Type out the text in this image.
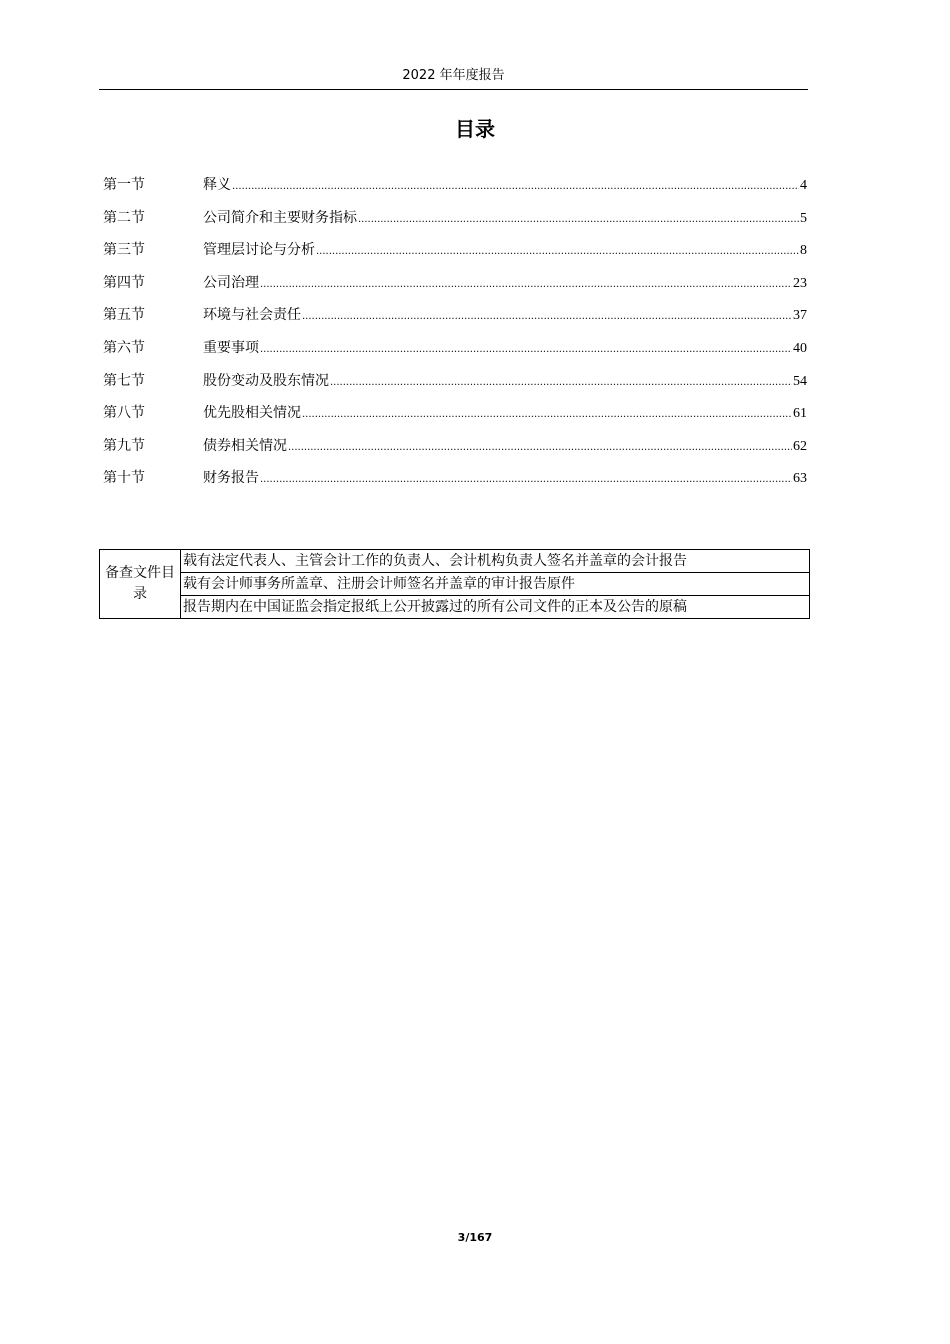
2022 年年度报告
目录
第一节	释义 .....	4
第二节	公司简介和主要财务指标 .....	5
第三节	管理层讨论与分析 .....	8
第四节	公司治理 .....	23
第五节	环境与社会责任 .....	37
第六节	重要事项 .....	40
第七节	股份变动及股东情况 .....	54
第八节	优先股相关情况 .....	61
第九节	债券相关情况 .....	62
第十节	财务报告 .....	63
备查文件目录	载有法定代表人、主管会计工作的负责人、会计机构负责人签名并盖章的会计报告
载有会计师事务所盖章、注册会计师签名并盖章的审计报告原件
报告期内在中国证监会指定报纸上公开披露过的所有公司文件的正本及公告的原稿
3/167
